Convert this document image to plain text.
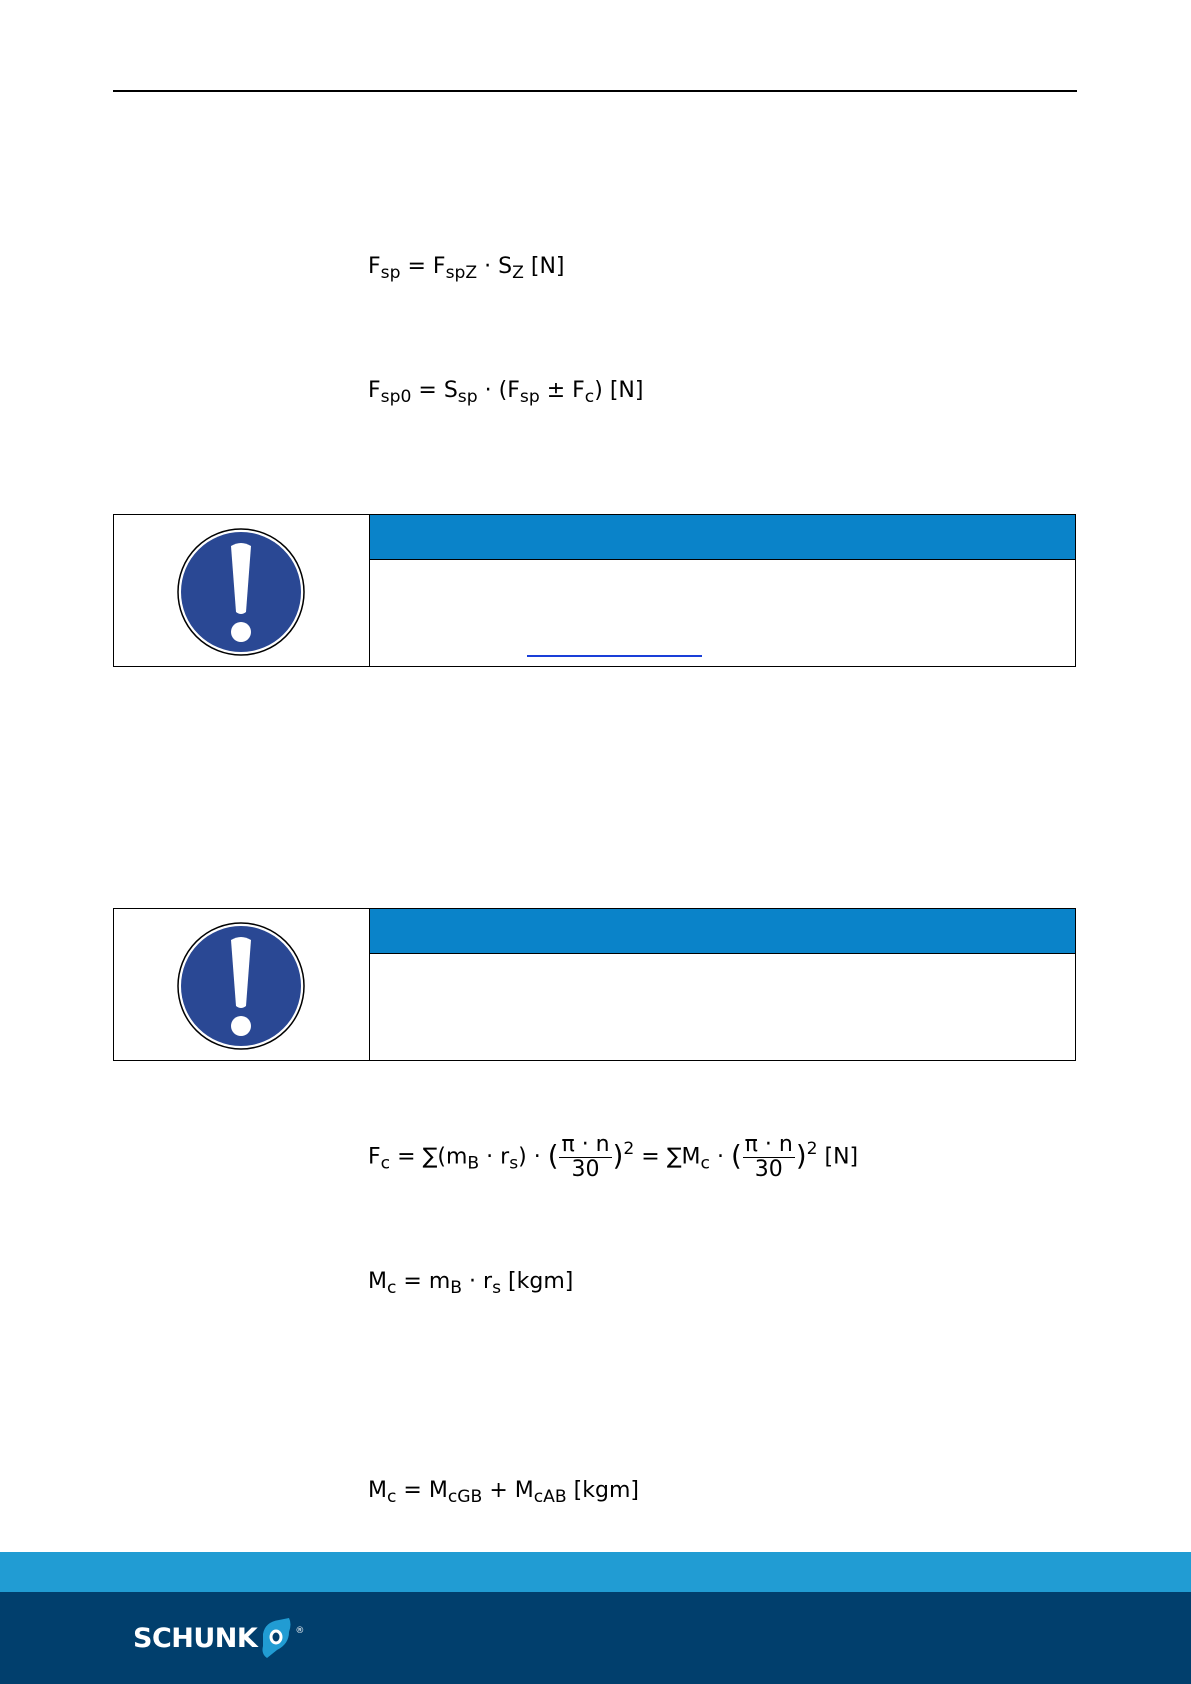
$F_{sp} = F_{spZ} \cdot S_Z$ [N]
$F_{sp0} = S_{sp} \cdot (F_{sp} \pm F_c)$ [N]
$F_c = \sum(m_B \cdot r_s)$ · ( $\frac{\pi \cdot n}{30} )^2 = \sum M_c$ · ( $\frac{\pi \cdot n}{30} )^2$ [N]
$M_c = m_B \cdot r_s$ [kgm]
$M_c = M_{cGB} + M_{cAB}$ [kgm]
SCHUNK	®
